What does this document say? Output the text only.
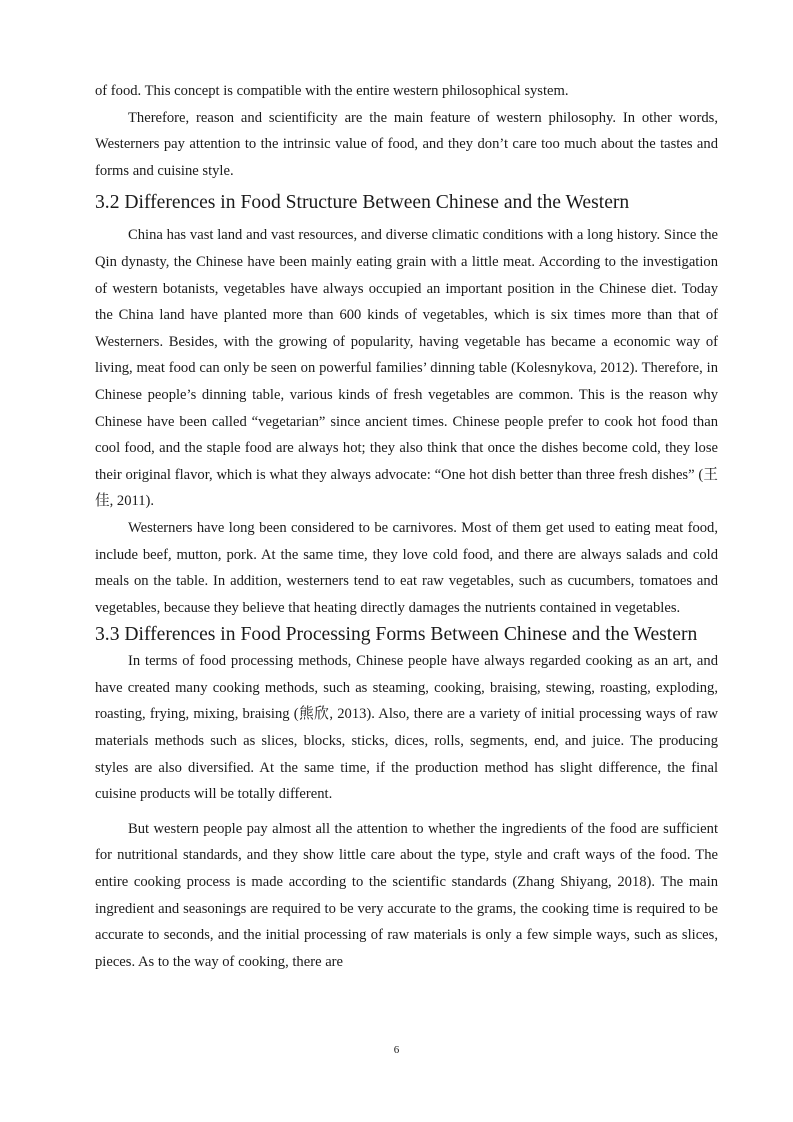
of food. This concept is compatible with the entire western philosophical system.

Therefore, reason and scientificity are the main feature of western philosophy. In other words, Westerners pay attention to the intrinsic value of food, and they don’t care too much about the tastes and forms and cuisine style.

3.2 Differences in Food Structure Between Chinese and the Western

China has vast land and vast resources, and diverse climatic conditions with a long history. Since the Qin dynasty, the Chinese have been mainly eating grain with a little meat. According to the investigation of western botanists, vegetables have always occupied an important position in the Chinese diet. Today the China land have planted more than 600 kinds of vegetables, which is six times more than that of Westerners. Besides, with the growing of popularity, having vegetable has became a economic way of living, meat food can only be seen on powerful families’ dinning table (Kolesnykova, 2012). Therefore, in Chinese people’s dinning table, various kinds of fresh vegetables are common. This is the reason why Chinese have been called “vegetarian” since ancient times. Chinese people prefer to cook hot food than cool food, and the staple food are always hot; they also think that once the dishes become cold, they lose their original flavor, which is what they always advocate: “One hot dish better than three fresh dishes” (王佳, 2011).

Westerners have long been considered to be carnivores. Most of them get used to eating meat food, include beef, mutton, pork. At the same time, they love cold food, and there are always salads and cold meals on the table. In addition, westerners tend to eat raw vegetables, such as cucumbers, tomatoes and vegetables, because they believe that heating directly damages the nutrients contained in vegetables.

3.3 Differences in Food Processing Forms Between Chinese and the Western

In terms of food processing methods, Chinese people have always regarded cooking as an art, and have created many cooking methods, such as steaming, cooking, braising, stewing, roasting, exploding, roasting, frying, mixing, braising (熊欣, 2013). Also, there are a variety of initial processing ways of raw materials methods such as slices, blocks, sticks, dices, rolls, segments, end, and juice. The producing styles are also diversified. At the same time, if the production method has slight difference, the final cuisine products will be totally different.

But western people pay almost all the attention to whether the ingredients of the food are sufficient for nutritional standards, and they show little care about the type, style and craft ways of the food. The entire cooking process is made according to the scientific standards (Zhang Shiyang, 2018). The main ingredient and seasonings are required to be very accurate to the grams, the cooking time is required to be accurate to seconds, and the initial processing of raw materials is only a few simple ways, such as slices, pieces. As to the way of cooking, there are

6
